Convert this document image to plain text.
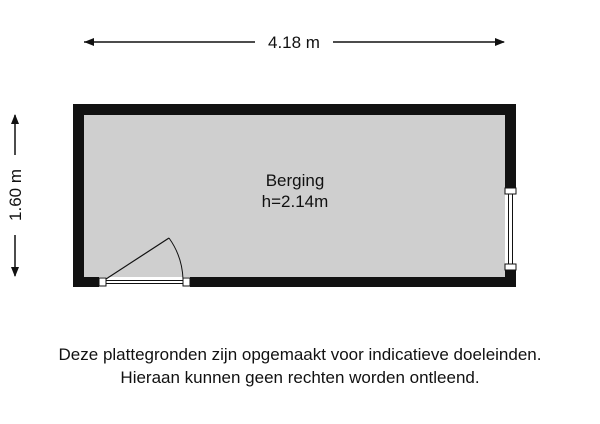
4.18 m
1.60 m	Berging
h=2.14m
Deze plattegronden zijn opgemaakt voor indicatieve doeleinden.
Hieraan kunnen geen rechten worden ontleend.
